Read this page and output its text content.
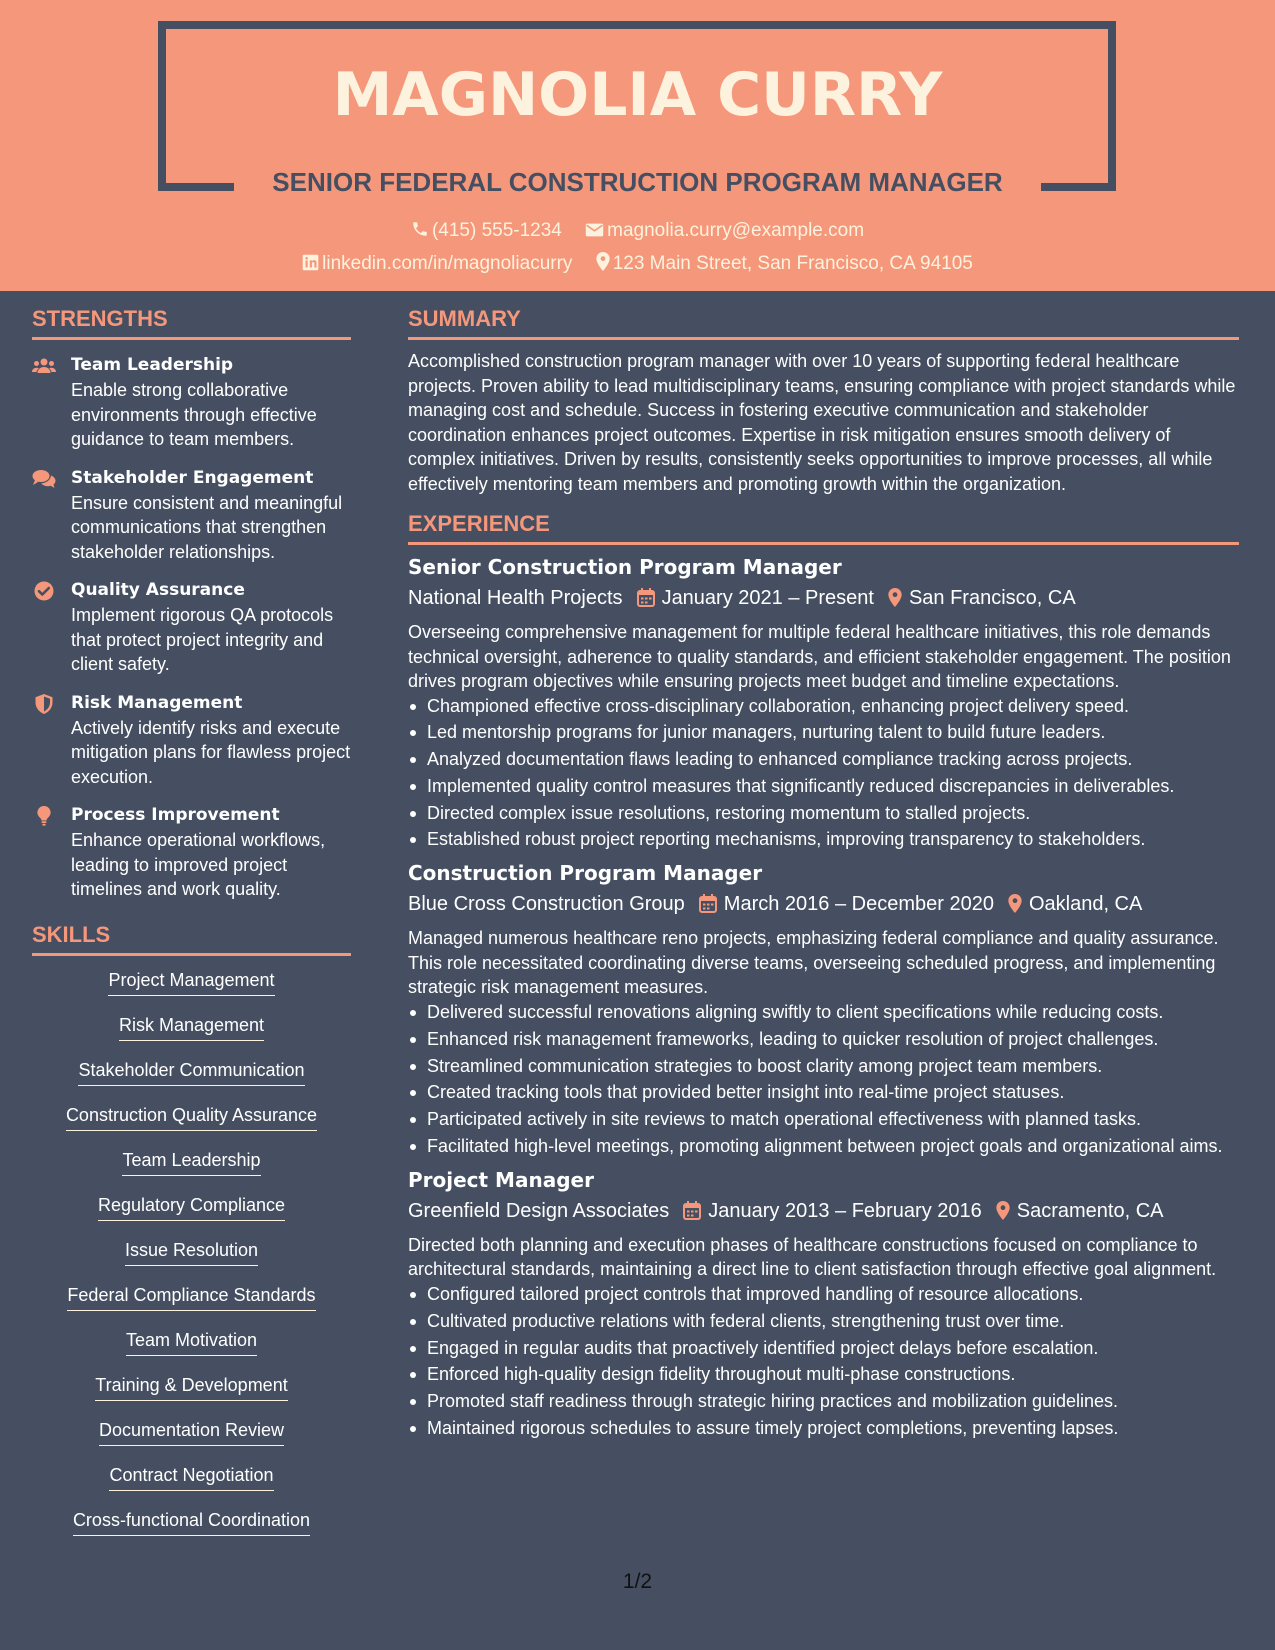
MAGNOLIA CURRY
SENIOR FEDERAL CONSTRUCTION PROGRAM MANAGER
(415) 555-1234 magnolia.curry@example.com
linkedin.com/in/magnoliacurry 123 Main Street, San Francisco, CA 94105
STRENGTHS
Team Leadership
Enable strong collaborative environments through effective guidance to team members.
Stakeholder Engagement
Ensure consistent and meaningful communications that strengthen stakeholder relationships.
Quality Assurance
Implement rigorous QA protocols that protect project integrity and client safety.
Risk Management
Actively identify risks and execute mitigation plans for flawless project execution.
Process Improvement
Enhance operational workflows, leading to improved project timelines and work quality.
SKILLS
Project Management
Risk Management
Stakeholder Communication
Construction Quality Assurance
Team Leadership
Regulatory Compliance
Issue Resolution
Federal Compliance Standards
Team Motivation
Training & Development
Documentation Review
Contract Negotiation
Cross-functional Coordination
SUMMARY
Accomplished construction program manager with over 10 years of supporting federal healthcare projects. Proven ability to lead multidisciplinary teams, ensuring compliance with project standards while managing cost and schedule. Success in fostering executive communication and stakeholder coordination enhances project outcomes. Expertise in risk mitigation ensures smooth delivery of complex initiatives. Driven by results, consistently seeks opportunities to improve processes, all while effectively mentoring team members and promoting growth within the organization.
EXPERIENCE
Senior Construction Program Manager
National Health Projects January 2021 – Present San Francisco, CA
Overseeing comprehensive management for multiple federal healthcare initiatives, this role demands technical oversight, adherence to quality standards, and efficient stakeholder engagement. The position drives program objectives while ensuring projects meet budget and timeline expectations.
Championed effective cross-disciplinary collaboration, enhancing project delivery speed.
Led mentorship programs for junior managers, nurturing talent to build future leaders.
Analyzed documentation flaws leading to enhanced compliance tracking across projects.
Implemented quality control measures that significantly reduced discrepancies in deliverables.
Directed complex issue resolutions, restoring momentum to stalled projects.
Established robust project reporting mechanisms, improving transparency to stakeholders.
Construction Program Manager
Blue Cross Construction Group March 2016 – December 2020 Oakland, CA
Managed numerous healthcare reno projects, emphasizing federal compliance and quality assurance. This role necessitated coordinating diverse teams, overseeing scheduled progress, and implementing strategic risk management measures.
Delivered successful renovations aligning swiftly to client specifications while reducing costs.
Enhanced risk management frameworks, leading to quicker resolution of project challenges.
Streamlined communication strategies to boost clarity among project team members.
Created tracking tools that provided better insight into real-time project statuses.
Participated actively in site reviews to match operational effectiveness with planned tasks.
Facilitated high-level meetings, promoting alignment between project goals and organizational aims.
Project Manager
Greenfield Design Associates January 2013 – February 2016 Sacramento, CA
Directed both planning and execution phases of healthcare constructions focused on compliance to architectural standards, maintaining a direct line to client satisfaction through effective goal alignment.
Configured tailored project controls that improved handling of resource allocations.
Cultivated productive relations with federal clients, strengthening trust over time.
Engaged in regular audits that proactively identified project delays before escalation.
Enforced high-quality design fidelity throughout multi-phase constructions.
Promoted staff readiness through strategic hiring practices and mobilization guidelines.
Maintained rigorous schedules to assure timely project completions, preventing lapses.
1/2
